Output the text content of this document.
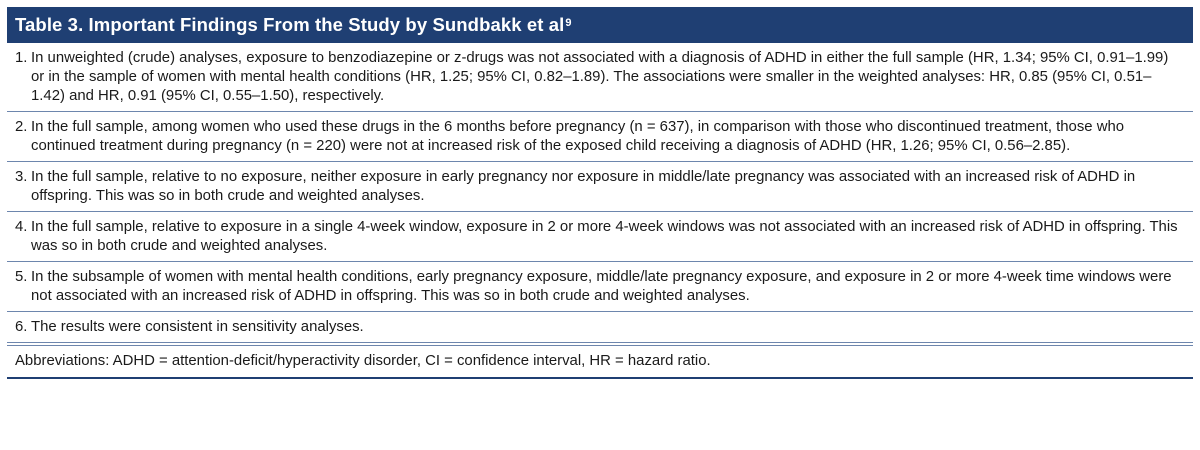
Table 3. Important Findings From the Study by Sundbakk et $al^9$
1. In unweighted (crude) analyses, exposure to benzodiazepine or z-drugs was not associated with a diagnosis of ADHD in either the full sample (HR, 1.34; 95% CI, 0.91–1.99) or in the sample of women with mental health conditions (HR, 1.25; 95% CI, 0.82–1.89). The associations were smaller in the weighted analyses: HR, 0.85 (95% CI, 0.51–1.42) and HR, 0.91 (95% CI, 0.55–1.50), respectively.
2. In the full sample, among women who used these drugs in the 6 months before pregnancy (n = 637), in comparison with those who discontinued treatment, those who continued treatment during pregnancy (n = 220) were not at increased risk of the exposed child receiving a diagnosis of ADHD (HR, 1.26; 95% CI, 0.56–2.85).
3. In the full sample, relative to no exposure, neither exposure in early pregnancy nor exposure in middle/late pregnancy was associated with an increased risk of ADHD in offspring. This was so in both crude and weighted analyses.
4. In the full sample, relative to exposure in a single 4-week window, exposure in 2 or more 4-week windows was not associated with an increased risk of ADHD in offspring. This was so in both crude and weighted analyses.
5. In the subsample of women with mental health conditions, early pregnancy exposure, middle/late pregnancy exposure, and exposure in 2 or more 4-week time windows were not associated with an increased risk of ADHD in offspring. This was so in both crude and weighted analyses.
6. The results were consistent in sensitivity analyses.
Abbreviations: ADHD = attention-deficit/hyperactivity disorder, CI = confidence interval, HR = hazard ratio.
